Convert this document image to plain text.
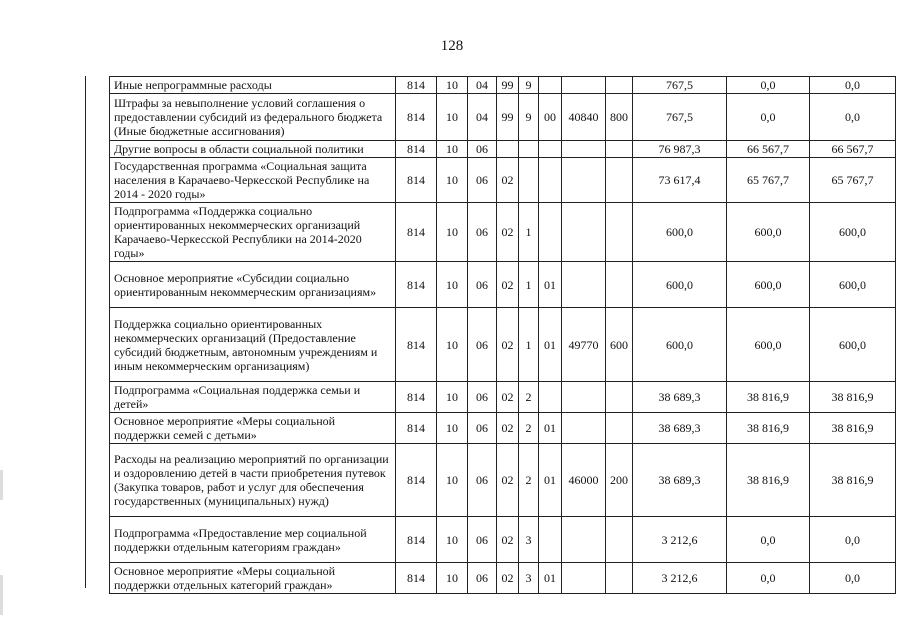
128
Иные непрограммные расходы	814	10	04	99	9				767,5	0,0	0,0
Штрафы за невыполнение условий соглашения о предоставлении субсидий из федерального бюджета (Иные бюджетные ассигнования)	814	10	04	99	9	00	40840	800	767,5	0,0	0,0
Другие вопросы в области социальной политики	814	10	06						76 987,3	66 567,7	66 567,7
Государственная программа «Социальная защита населения в Карачаево-Черкесской Республике на 2014 - 2020 годы»	814	10	06	02					73 617,4	65 767,7	65 767,7
Подпрограмма «Поддержка социально ориентированных некоммерческих организаций Карачаево-Черкесской Республики на 2014-2020 годы»	814	10	06	02	1				600,0	600,0	600,0
Основное мероприятие «Субсидии социально ориентированным некоммерческим организациям»	814	10	06	02	1	01			600,0	600,0	600,0
Поддержка социально ориентированных некоммерческих организаций (Предоставление субсидий бюджетным, автономным учреждениям и иным некоммерческим организациям)	814	10	06	02	1	01	49770	600	600,0	600,0	600,0
Подпрограмма «Социальная поддержка семьи и детей»	814	10	06	02	2				38 689,3	38 816,9	38 816,9
Основное мероприятие «Меры социальной поддержки семей с детьми»	814	10	06	02	2	01			38 689,3	38 816,9	38 816,9
Расходы на реализацию мероприятий по организации и оздоровлению детей в части приобретения путевок (Закупка товаров, работ и услуг для обеспечения государственных (муниципальных) нужд)	814	10	06	02	2	01	46000	200	38 689,3	38 816,9	38 816,9
Подпрограмма «Предоставление мер социальной поддержки отдельным категориям граждан»	814	10	06	02	3				3 212,6	0,0	0,0
Основное мероприятие «Меры социальной поддержки отдельных категорий граждан»	814	10	06	02	3	01			3 212,6	0,0	0,0
